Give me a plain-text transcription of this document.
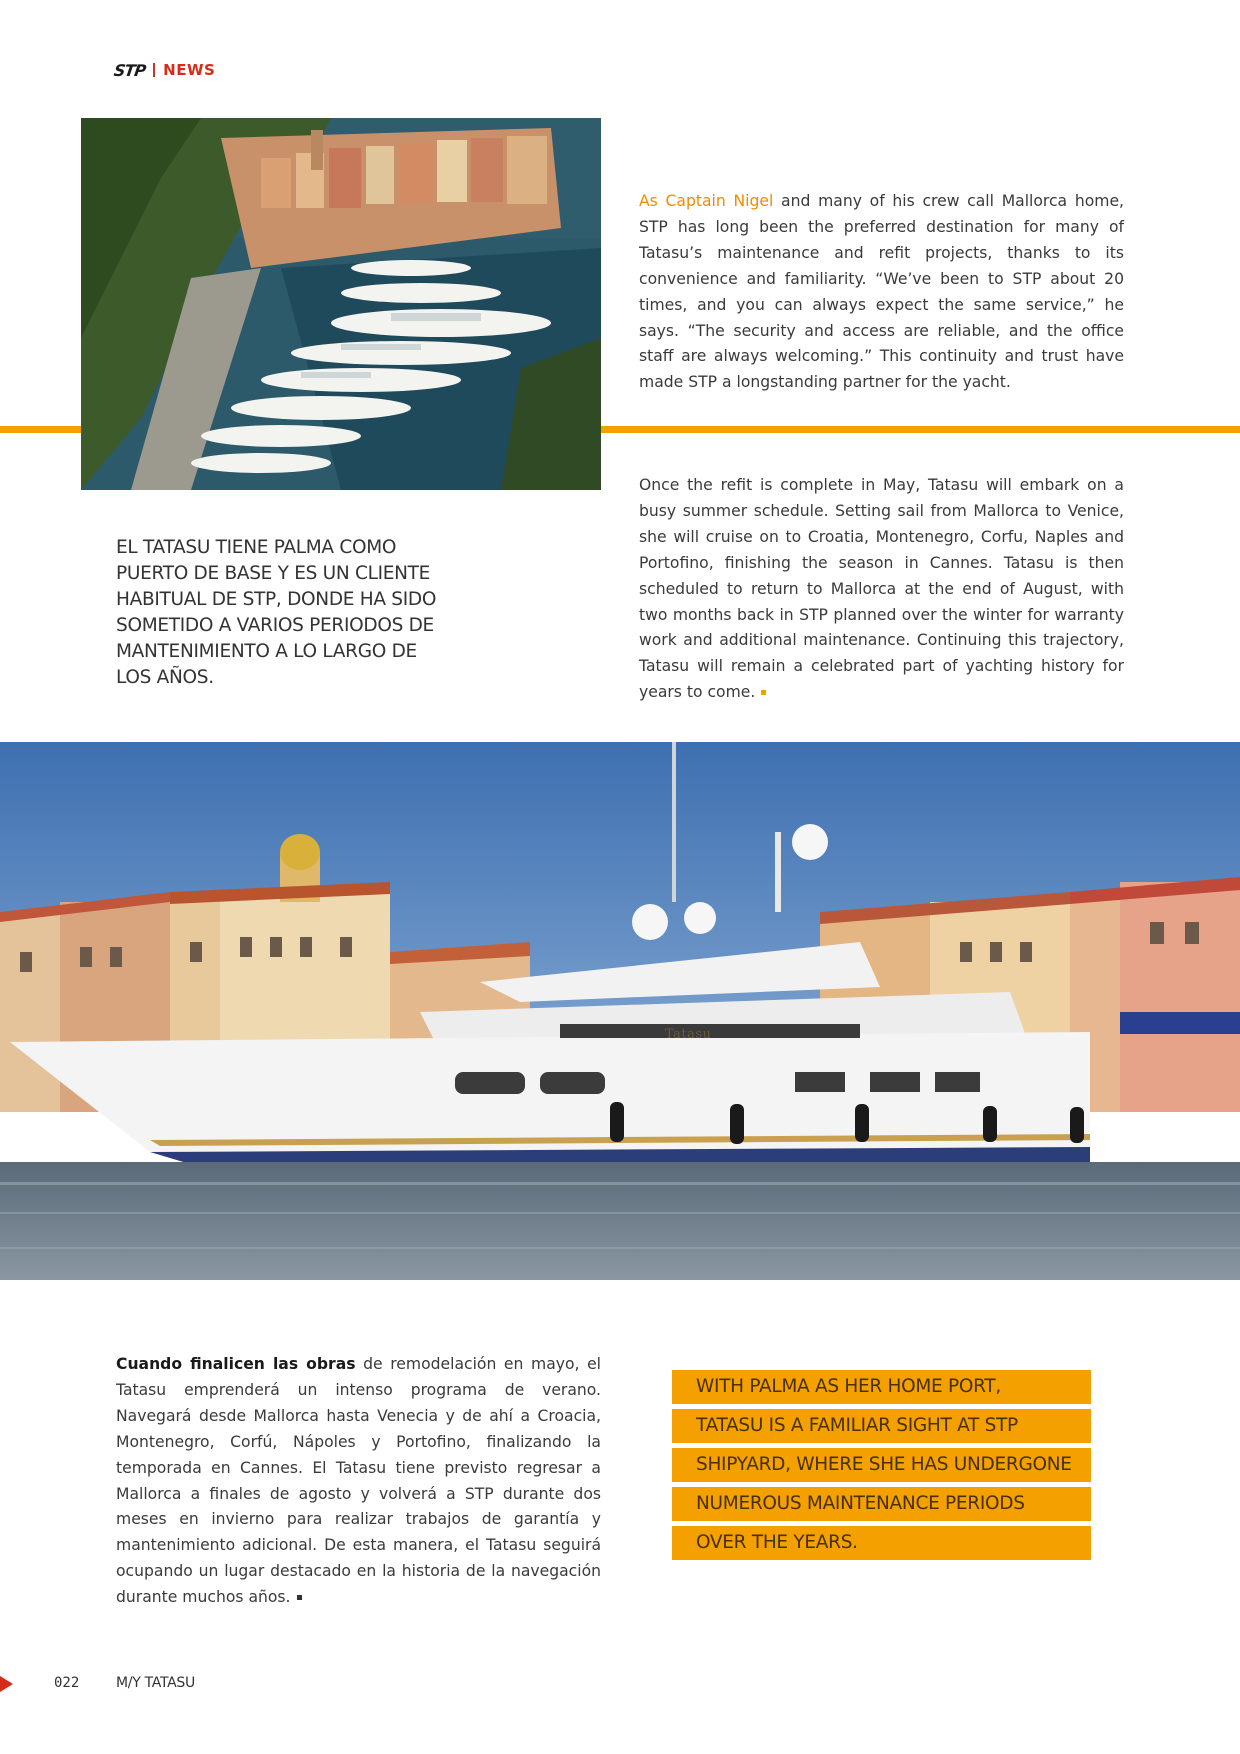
STP NEWS

As Captain Nigel and many of his crew call Mallorca home, STP has long been the preferred destination for many of Tatasu’s maintenance and refit projects, thanks to its convenience and familiarity. “We’ve been to STP about 20 times, and you can always expect the same service,” he says. “The security and access are reliable, and the office staff are always welcoming.” This continuity and trust have made STP a longstanding partner for the yacht.

Once the refit is complete in May, Tatasu will embark on a busy summer schedule. Setting sail from Mallorca to Venice, she will cruise on to Croatia, Montenegro, Corfu, Naples and Portofino, finishing the season in Cannes. Tatasu is then scheduled to return to Mallorca at the end of August, with two months back in STP planned over the winter for warranty work and additional maintenance. Continuing this trajectory, Tatasu will remain a celebrated part of yachting history for years to come.

EL TATASU TIENE PALMA COMO PUERTO DE BASE Y ES UN CLIENTE HABITUAL DE STP, DONDE HA SIDO SOMETIDO A VARIOS PERIODOS DE MANTENIMIENTO A LO LARGO DE LOS AÑOS.

Tatasu

Cuando finalicen las obras de remodelación en mayo, el Tatasu emprenderá un intenso programa de verano. Navegará desde Mallorca hasta Venecia y de ahí a Croacia, Montenegro, Corfú, Nápoles y Portofino, finalizando la temporada en Cannes. El Tatasu tiene previsto regresar a Mallorca a finales de agosto y volverá a STP durante dos meses en invierno para realizar trabajos de garantía y mantenimiento adicional. De esta manera, el Tatasu seguirá ocupando un lugar destacado en la historia de la navegación durante muchos años.

WITH PALMA AS HER HOME PORT,
TATASU IS A FAMILIAR SIGHT AT STP
SHIPYARD, WHERE SHE HAS UNDERGONE
NUMEROUS MAINTENANCE PERIODS
OVER THE YEARS.
022	M/Y TATASU
